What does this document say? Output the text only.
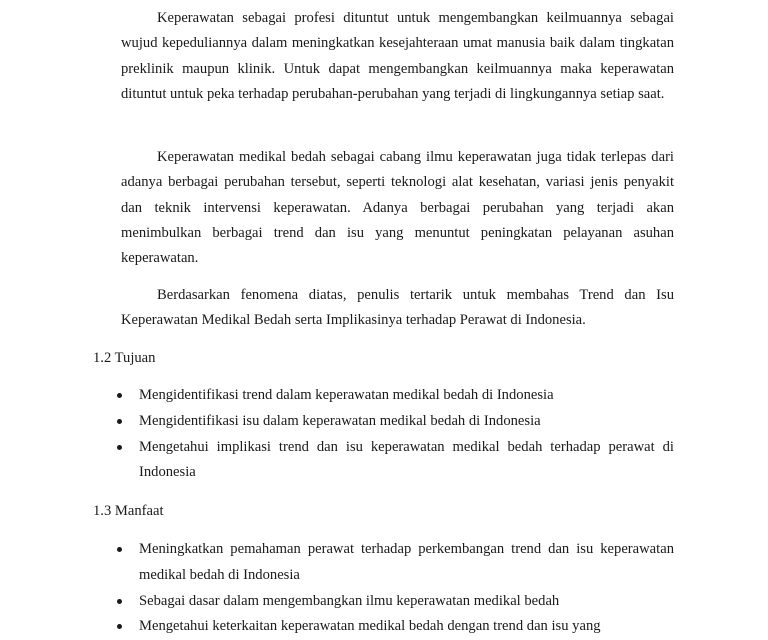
Keperawatan sebagai profesi dituntut untuk mengembangkan keilmuannya sebagai wujud kepeduliannya dalam meningkatkan kesejahteraan umat manusia baik dalam tingkatan preklinik maupun klinik. Untuk dapat mengembangkan keilmuannya maka keperawatan dituntut untuk peka terhadap perubahan-perubahan yang terjadi di lingkungannya setiap saat.

Keperawatan medikal bedah sebagai cabang ilmu keperawatan juga tidak terlepas dari adanya berbagai perubahan tersebut, seperti teknologi alat kesehatan, variasi jenis penyakit dan teknik intervensi keperawatan. Adanya berbagai perubahan yang terjadi akan menimbulkan berbagai trend dan isu yang menuntut peningkatan pelayanan asuhan keperawatan.

Berdasarkan fenomena diatas, penulis tertarik untuk membahas Trend dan Isu Keperawatan Medikal Bedah serta Implikasinya terhadap Perawat di Indonesia.

1.2 Tujuan

Mengidentifikasi trend dalam keperawatan medikal bedah di Indonesia
Mengidentifikasi isu dalam keperawatan medikal bedah di Indonesia
Mengetahui implikasi trend dan isu keperawatan medikal bedah terhadap perawat di Indonesia

1.3 Manfaat

Meningkatkan pemahaman perawat terhadap perkembangan trend dan isu keperawatan medikal bedah di Indonesia
Sebagai dasar dalam mengembangkan ilmu keperawatan medikal bedah
Mengetahui keterkaitan keperawatan medikal bedah dengan trend dan isu yang
